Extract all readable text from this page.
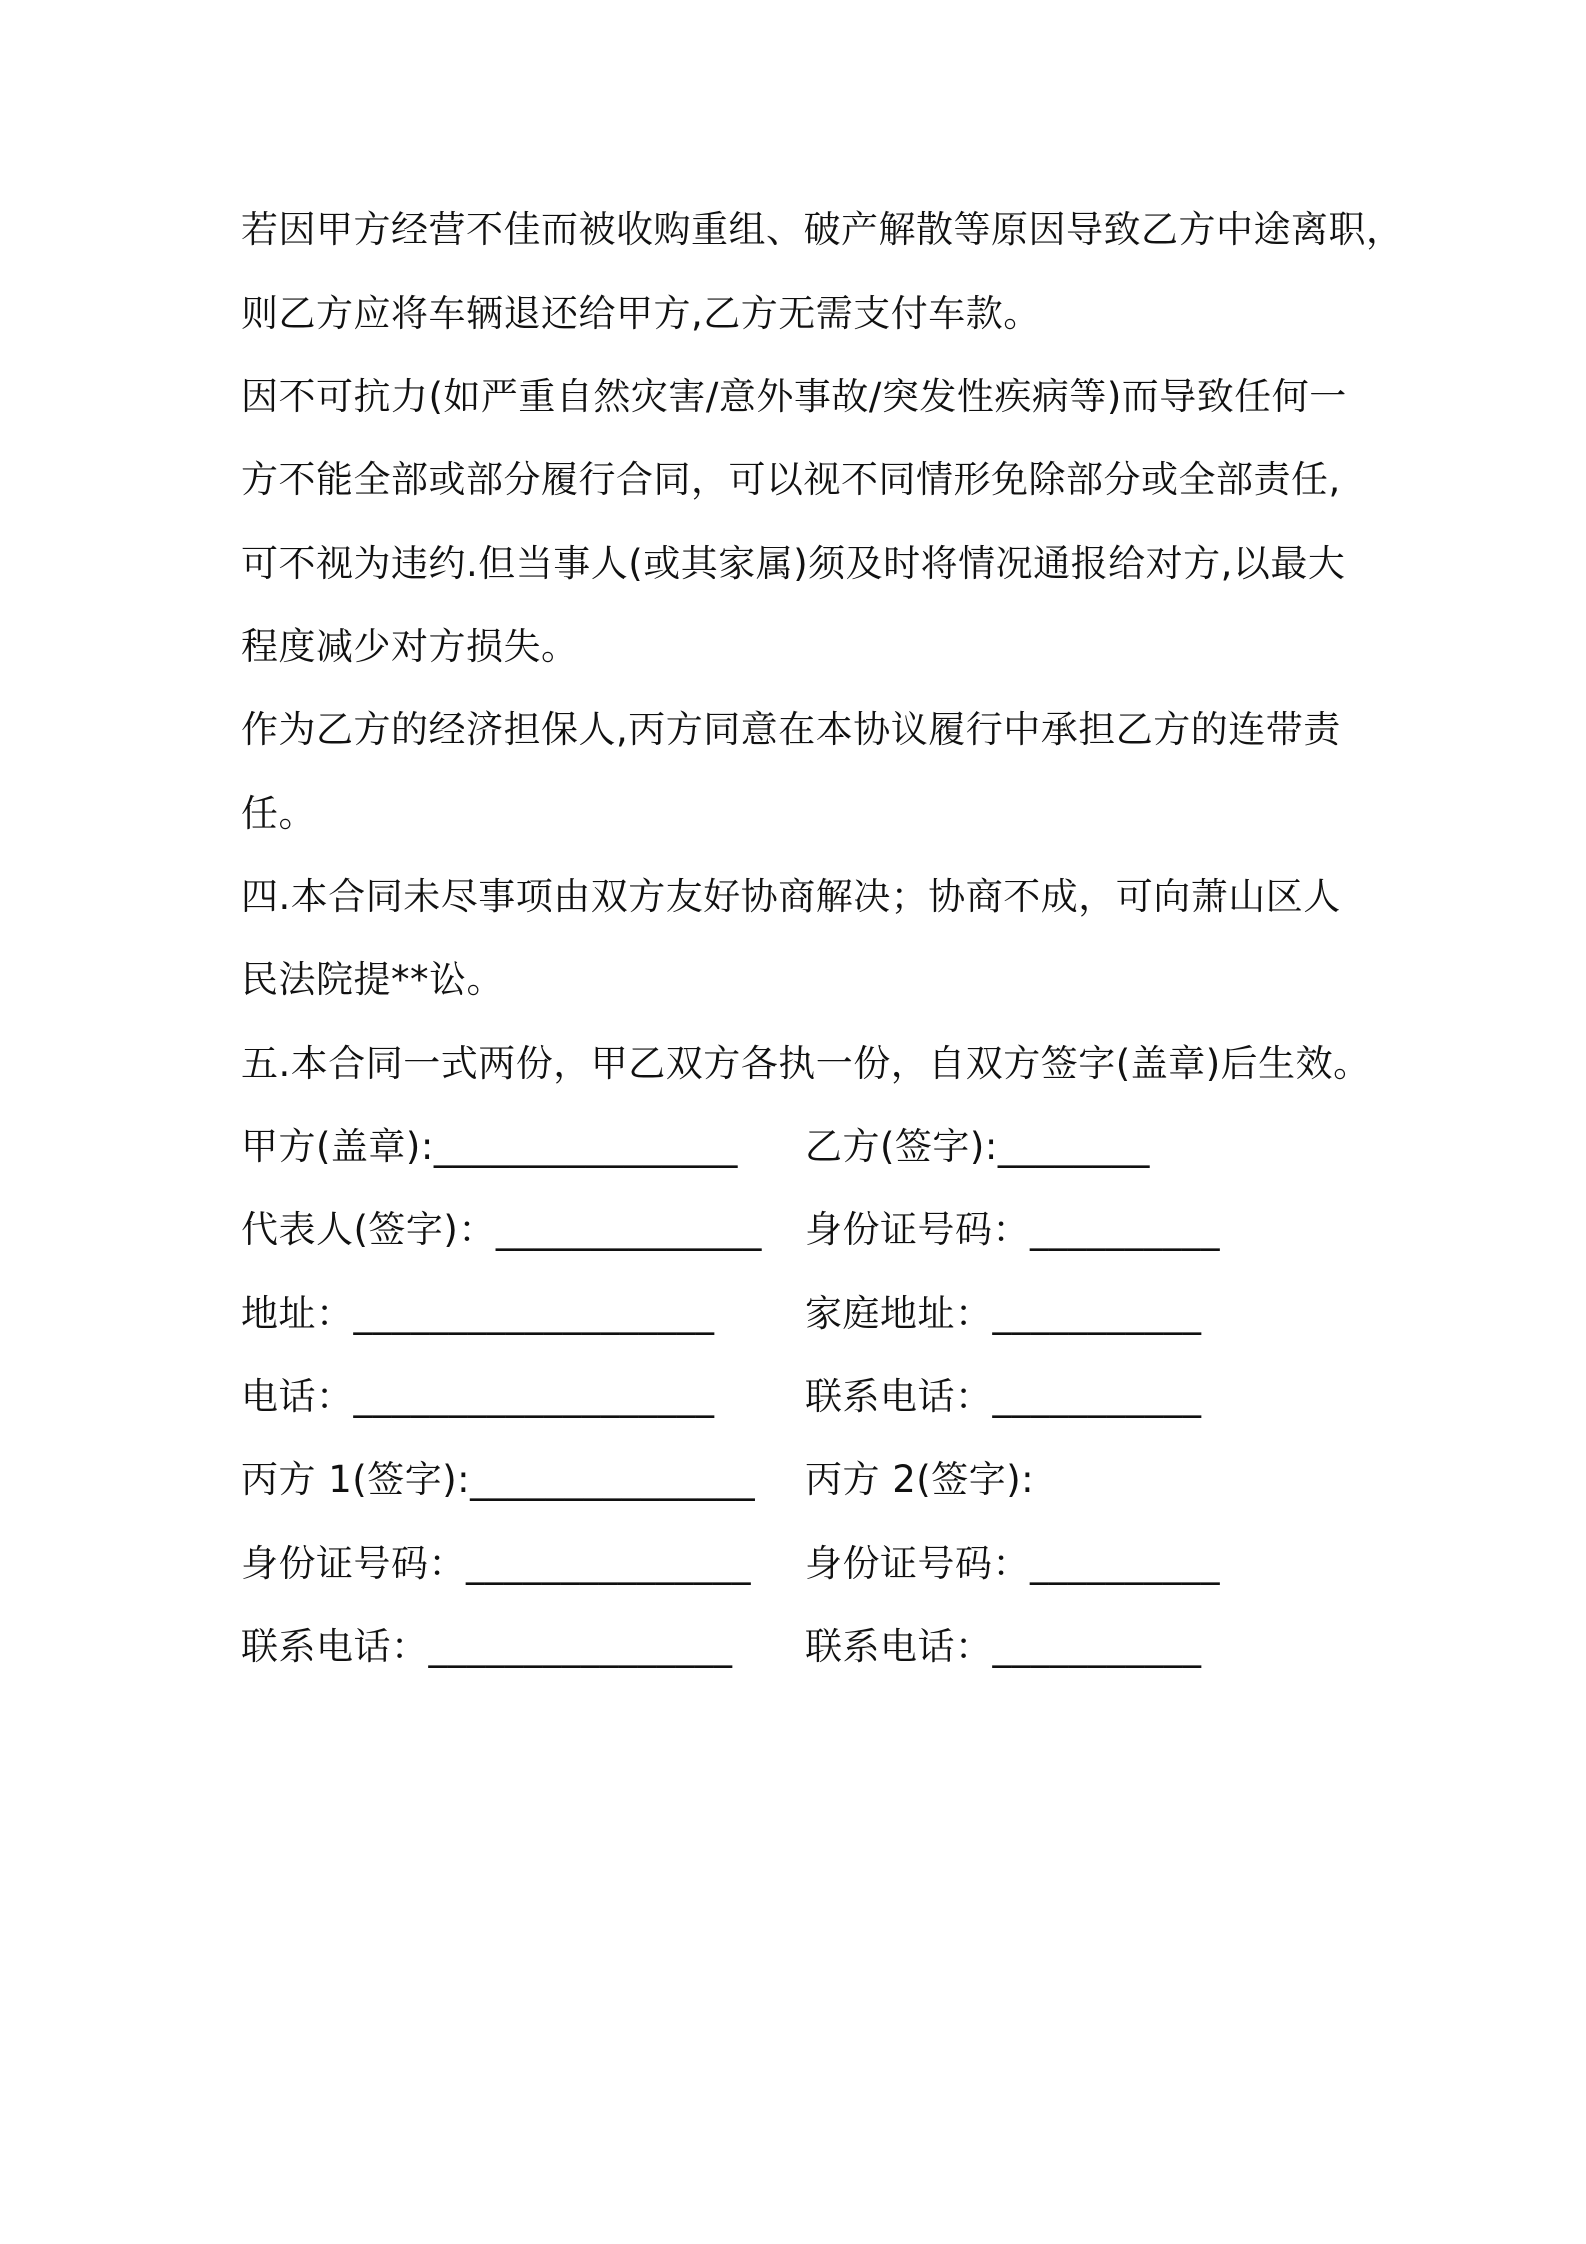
若因甲方经营不佳而被收购重组、破产解散等原因导致乙方中途离职，
则乙方应将车辆退还给甲方,乙方无需支付车款。
因不可抗力(如严重自然灾害/意外事故/突发性疾病等)而导致任何一
方不能全部或部分履行合同，可以视不同情形免除部分或全部责任,
可不视为违约.但当事人(或其家属)须及时将情况通报给对方,以最大
程度减少对方损失。
作为乙方的经济担保人,丙方同意在本协议履行中承担乙方的连带责
任。
四.本合同未尽事项由双方友好协商解决；协商不成，可向萧山区人
民法院提**讼。
五.本合同一式两份，甲乙双方各执一份，自双方签字(盖章)后生效。
甲方(盖章):________________ 乙方(签字):________
代表人(签字)：______________ 身份证号码：__________
地址：___________________ 家庭地址：___________
电话：___________________ 联系电话：___________
丙方 1(签字):_______________ 丙方 2(签字):
身份证号码：_______________ 身份证号码：__________
联系电话：________________ 联系电话：___________
